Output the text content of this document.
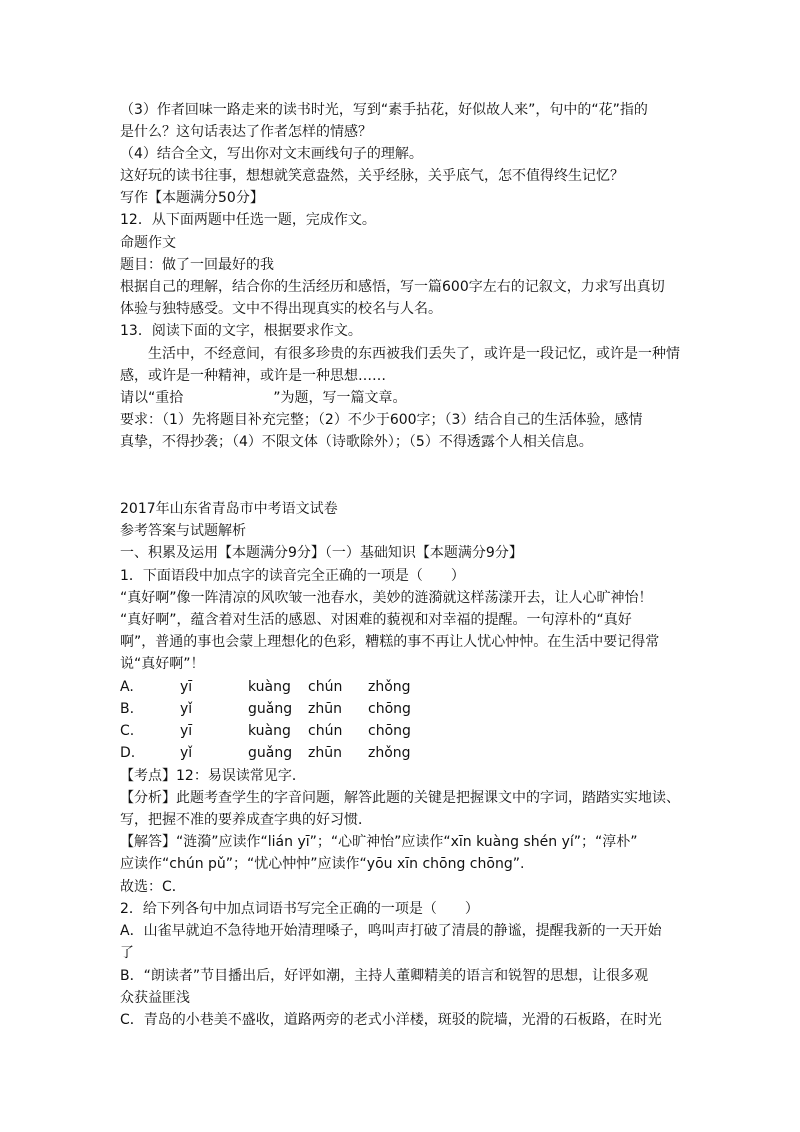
（3）作者回味一路走来的读书时光，写到“素手拈花，好似故人来”，句中的“花”指的
是什么？这句话表达了作者怎样的情感？
（4）结合全文，写出你对文末画线句子的理解。
这好玩的读书往事，想想就笑意盎然，关乎经脉，关乎底气，怎不值得终生记忆？
写作【本题满分50分】
12．从下面两题中任选一题，完成作文。
命题作文
题目：做了一回最好的我
根据自己的理解，结合你的生活经历和感悟，写一篇600字左右的记叙文，力求写出真切
体验与独特感受。文中不得出现真实的校名与人名。
13．阅读下面的文字，根据要求作文。
生活中，不经意间，有很多珍贵的东西被我们丢失了，或许是一段记忆，或许是一种情
感，或许是一种精神，或许是一种思想……
请以“重拾	”为题，写一篇文章。
要求：（1）先将题目补充完整；（2）不少于600字；（3）结合自己的生活体验，感情
真挚，不得抄袭；（4）不限文体（诗歌除外）；（5）不得透露个人相关信息。
2017年山东省青岛市中考语文试卷
参考答案与试题解析
一、积累及运用【本题满分9分】（一）基础知识【本题满分9分】
1．下面语段中加点字的读音完全正确的一项是（　　）
“真好啊”像一阵清凉的风吹皱一池春水，美妙的涟漪就这样荡漾开去，让人心旷神怡！
“真好啊”，蕴含着对生活的感恩、对困难的藐视和对幸福的提醒。一句淳朴的“真好
啊”，普通的事也会蒙上理想化的色彩，糟糕的事不再让人忧心忡忡。在生活中要记得常
说“真好啊”！
A.	yī	kuàng chún zhǒng
B.	yǐ	guǎng zhūn chōng
C.	yī	kuàng chún chōng
D.	yǐ	guǎng zhūn zhǒng
【考点】12：易误读常见字．
【分析】此题考查学生的字音问题，解答此题的关键是把握课文中的字词，踏踏实实地读、
写，把握不准的要养成查字典的好习惯．
【解答】“涟漪”应读作“lián yī”；“心旷神怡”应读作“xīn kuàng shén yí”；“淳朴”
应读作“chún pǔ”；“忧心忡忡”应读作“yōu xīn chōng chōng”.
故选：C．
2．给下列各句中加点词语书写完全正确的一项是（　　）
A．山雀早就迫不急待地开始清理嗓子，鸣叫声打破了清晨的静谧，提醒我新的一天开始
了
B．“朗读者”节目播出后，好评如潮，主持人董卿精美的语言和锐智的思想，让很多观
众获益匪浅
C．青岛的小巷美不盛收，道路两旁的老式小洋楼，斑驳的院墙，光滑的石板路，在时光
